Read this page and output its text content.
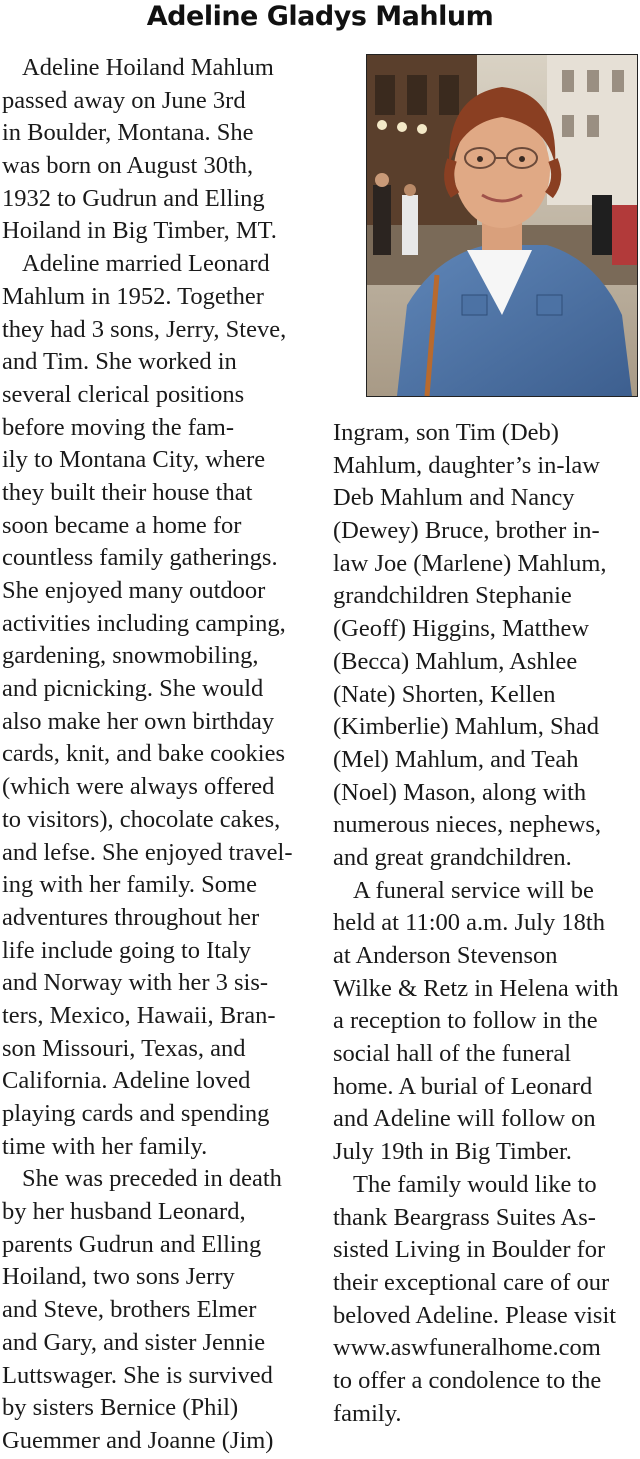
Adeline Gladys Mahlum
Adeline Hoiland Mahlum
passed away on June 3rd
in Boulder, Montana. She
was born on August 30th,
1932 to Gudrun and Elling
Hoiland in Big Timber, MT.
Adeline married Leonard
Mahlum in 1952. Together
they had 3 sons, Jerry, Steve,
and Tim. She worked in
several clerical positions
before moving the fam-
ily to Montana City, where
they built their house that
soon became a home for
countless family gatherings.
She enjoyed many outdoor
activities including camping,
gardening, snowmobiling,
and picnicking. She would
also make her own birthday
cards, knit, and bake cookies
(which were always offered
to visitors), chocolate cakes,
and lefse. She enjoyed travel-
ing with her family. Some
adventures throughout her
life include going to Italy
and Norway with her 3 sis-
ters, Mexico, Hawaii, Bran-
son Missouri, Texas, and
California. Adeline loved
playing cards and spending
time with her family.
She was preceded in death
by her husband Leonard,
parents Gudrun and Elling
Hoiland, two sons Jerry
and Steve, brothers Elmer
and Gary, and sister Jennie
Luttswager. She is survived
by sisters Bernice (Phil)
Guemmer and Joanne (Jim)
Ingram, son Tim (Deb)
Mahlum, daughter’s in-law
Deb Mahlum and Nancy
(Dewey) Bruce, brother in-
law Joe (Marlene) Mahlum,
grandchildren Stephanie
(Geoff) Higgins, Matthew
(Becca) Mahlum, Ashlee
(Nate) Shorten, Kellen
(Kimberlie) Mahlum, Shad
(Mel) Mahlum, and Teah
(Noel) Mason, along with
numerous nieces, nephews,
and great grandchildren.
A funeral service will be
held at 11:00 a.m. July 18th
at Anderson Stevenson
Wilke & Retz in Helena with
a reception to follow in the
social hall of the funeral
home. A burial of Leonard
and Adeline will follow on
July 19th in Big Timber.
The family would like to
thank Beargrass Suites As-
sisted Living in Boulder for
their exceptional care of our
beloved Adeline. Please visit
www.aswfuneralhome.com
to offer a condolence to the
family.
